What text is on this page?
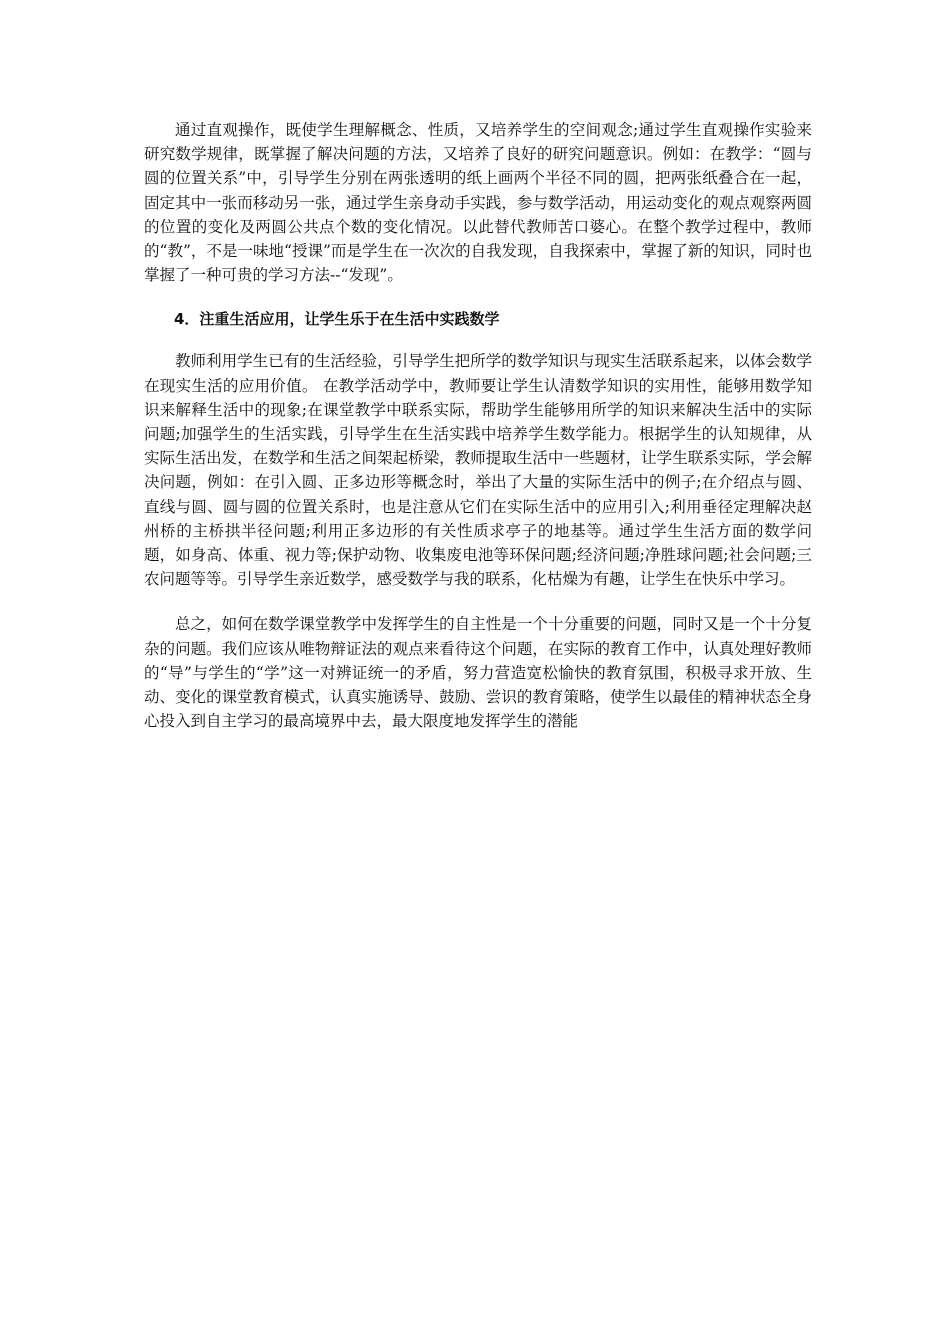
通过直观操作，既使学生理解概念、性质，又培养学生的空间观念;通过学生直观操作实验来研究数学规律，既掌握了解决问题的方法，又培养了良好的研究问题意识。例如：在教学：“圆与圆的位置关系”中，引导学生分别在两张透明的纸上画两个半径不同的圆，把两张纸叠合在一起，固定其中一张而移动另一张，通过学生亲身动手实践，参与数学活动，用运动变化的观点观察两圆的位置的变化及两圆公共点个数的变化情况。以此替代教师苦口婆心。在整个教学过程中，教师的“教”，不是一味地“授课”而是学生在一次次的自我发现，自我探索中，掌握了新的知识，同时也掌握了一种可贵的学习方法--“发现”。

4．注重生活应用，让学生乐于在生活中实践数学

教师利用学生已有的生活经验，引导学生把所学的数学知识与现实生活联系起来，以体会数学在现实生活的应用价值。 在教学活动学中，教师要让学生认清数学知识的实用性，能够用数学知识来解释生活中的现象;在课堂教学中联系实际，帮助学生能够用所学的知识来解决生活中的实际问题;加强学生的生活实践，引导学生在生活实践中培养学生数学能力。根据学生的认知规律，从实际生活出发，在数学和生活之间架起桥梁，教师提取生活中一些题材，让学生联系实际，学会解决问题，例如：在引入圆、正多边形等概念时，举出了大量的实际生活中的例子;在介绍点与圆、直线与圆、圆与圆的位置关系时，也是注意从它们在实际生活中的应用引入;利用垂径定理解决赵州桥的主桥拱半径问题;利用正多边形的有关性质求亭子的地基等。通过学生生活方面的数学问题，如身高、体重、视力等;保护动物、收集废电池等环保问题;经济问题;净胜球问题;社会问题;三农问题等等。引导学生亲近数学，感受数学与我的联系，化枯燥为有趣，让学生在快乐中学习。

总之，如何在数学课堂教学中发挥学生的自主性是一个十分重要的问题，同时又是一个十分复杂的问题。我们应该从唯物辩证法的观点来看待这个问题，在实际的教育工作中，认真处理好教师的“导”与学生的“学”这一对辨证统一的矛盾，努力营造宽松愉快的教育氛围，积极寻求开放、生动、变化的课堂教育模式，认真实施诱导、鼓励、尝识的教育策略，使学生以最佳的精神状态全身心投入到自主学习的最高境界中去，最大限度地发挥学生的潜能
